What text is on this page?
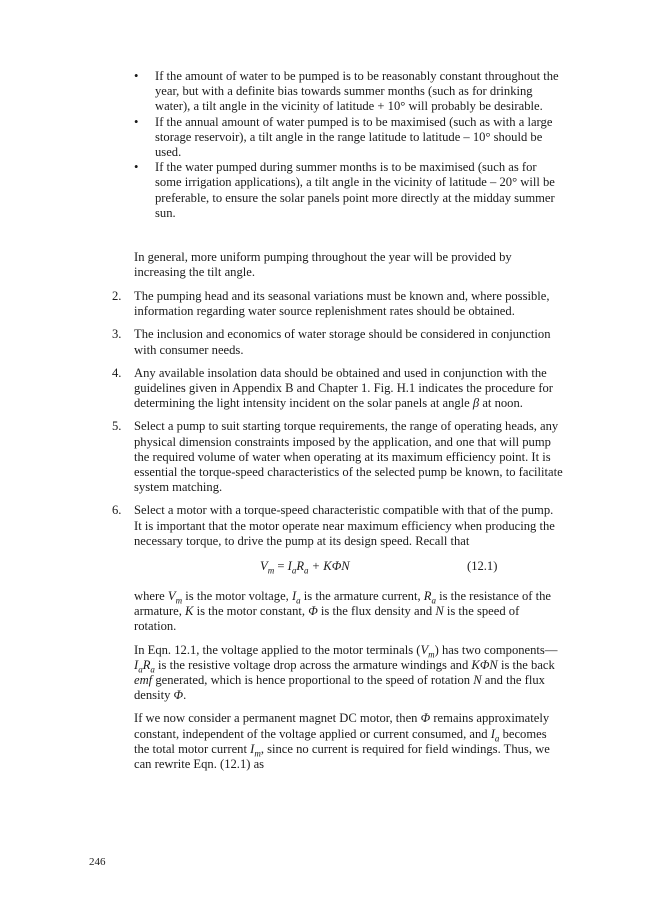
• If the amount of water to be pumped is to be reasonably constant throughout the year, but with a definite bias towards summer months (such as for drinking water), a tilt angle in the vicinity of latitude + 10° will probably be desirable.

• If the annual amount of water pumped is to be maximised (such as with a large storage reservoir), a tilt angle in the range latitude to latitude – 10° should be used.

• If the water pumped during summer months is to be maximised (such as for some irrigation applications), a tilt angle in the vicinity of latitude – 20° will be preferable, to ensure the solar panels point more directly at the midday summer sun.

In general, more uniform pumping throughout the year will be provided by increasing the tilt angle.

2. The pumping head and its seasonal variations must be known and, where possible, information regarding water source replenishment rates should be obtained.

3. The inclusion and economics of water storage should be considered in conjunction with consumer needs.

4. Any available insolation data should be obtained and used in conjunction with the guidelines given in Appendix B and Chapter 1. Fig. H.1 indicates the procedure for determining the light intensity incident on the solar panels at angle β at noon.

5. Select a pump to suit starting torque requirements, the range of operating heads, any physical dimension constraints imposed by the application, and one that will pump the required volume of water when operating at its maximum efficiency point. It is essential the torque-speed characteristics of the selected pump be known, to facilitate system matching.

6. Select a motor with a torque-speed characteristic compatible with that of the pump. It is important that the motor operate near maximum efficiency when producing the necessary torque, to drive the pump at its design speed. Recall that

$V_m = I_aR_a + K\Phi N$	(12.1)

where $V_m$ is the motor voltage, $I_a$ is the armature current, $R_a$ is the resistance of the armature, K is the motor constant, Φ is the flux density and N is the speed of rotation.

In Eqn. 12.1, the voltage applied to the motor terminals $(V_m)$ has two $components—I_aR_a$ is the resistive voltage drop across the armature windings and KΦN is the back emf generated, which is hence proportional to the speed of rotation N and the flux density Φ.

If we now consider a permanent magnet DC motor, then Φ remains approximately constant, independent of the voltage applied or current consumed, and $I_a$ becomes the total motor current $I_m$, since no current is required for field windings. Thus, we can rewrite Eqn. (12.1) as

246
